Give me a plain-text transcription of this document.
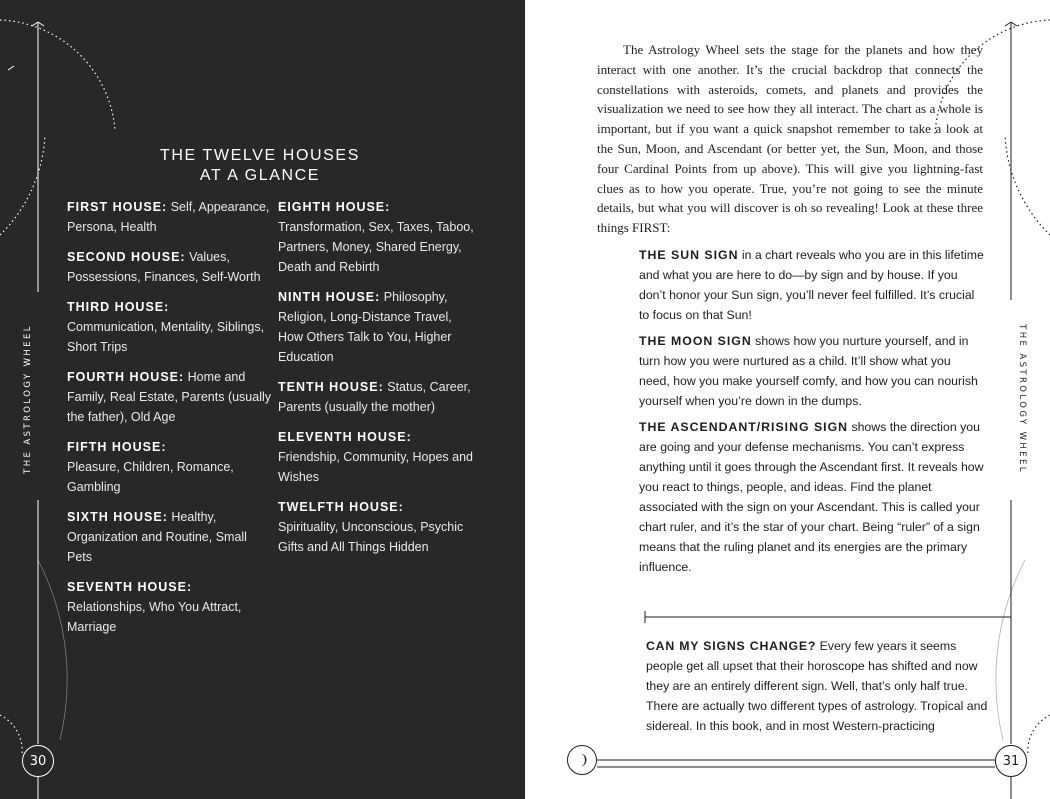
THE ASTROLOGY WHEEL
THE TWELVE HOUSES
AT A GLANCE
FIRST HOUSE: Self, Appearance, Persona, Health
SECOND HOUSE: Values, Possessions, Finances, Self-Worth
THIRD HOUSE:
Communication, Mentality, Siblings, Short Trips
FOURTH HOUSE: Home and Family, Real Estate, Parents (usually the father), Old Age
FIFTH HOUSE:
Pleasure, Children, Romance, Gambling
SIXTH HOUSE: Healthy, Organization and Routine, Small Pets
SEVENTH HOUSE:
Relationships, Who You Attract, Marriage
EIGHTH HOUSE:
Transformation, Sex, Taxes, Taboo, Partners, Money, Shared Energy, Death and Rebirth
NINTH HOUSE: Philosophy, Religion, Long-Distance Travel, How Others Talk to You, Higher Education
TENTH HOUSE: Status, Career, Parents (usually the mother)
ELEVENTH HOUSE:
Friendship, Community, Hopes and Wishes
TWELFTH HOUSE:
Spirituality, Unconscious, Psychic Gifts and All Things Hidden
30

The Astrology Wheel sets the stage for the planets and how they interact with one another. It’s the crucial backdrop that connects the constellations with asteroids, comets, and planets and provides the visualization we need to see how they all interact. The chart as a whole is important, but if you want a quick snapshot remember to take a look at the Sun, Moon, and Ascendant (or better yet, the Sun, Moon, and those four Cardinal Points from up above). This will give you lightning-fast clues as to how you operate. True, you’re not going to see the minute details, but what you will discover is oh so revealing! Look at these three things FIRST:

THE SUN SIGN in a chart reveals who you are in this lifetime and what you are here to do—by sign and by house. If you don’t honor your Sun sign, you’ll never feel fulfilled. It’s crucial to focus on that Sun!

THE MOON SIGN shows how you nurture yourself, and in turn how you were nurtured as a child. It’ll show what you need, how you make yourself comfy, and how you can nourish yourself when you’re down in the dumps.

THE ASCENDANT/RISING SIGN shows the direction you are going and your defense mechanisms. You can’t express anything until it goes through the Ascendant first. It reveals how you react to things, people, and ideas. Find the planet associated with the sign on your Ascendant. This is called your chart ruler, and it’s the star of your chart. Being “ruler” of a sign means that the ruling planet and its energies are the primary influence.

CAN MY SIGNS CHANGE? Every few years it seems people get all upset that their horoscope has shifted and now they are an entirely different sign. Well, that’s only half true. There are actually two different types of astrology. Tropical and sidereal. In this book, and in most Western-practicing

THE ASTROLOGY WHEEL
31
